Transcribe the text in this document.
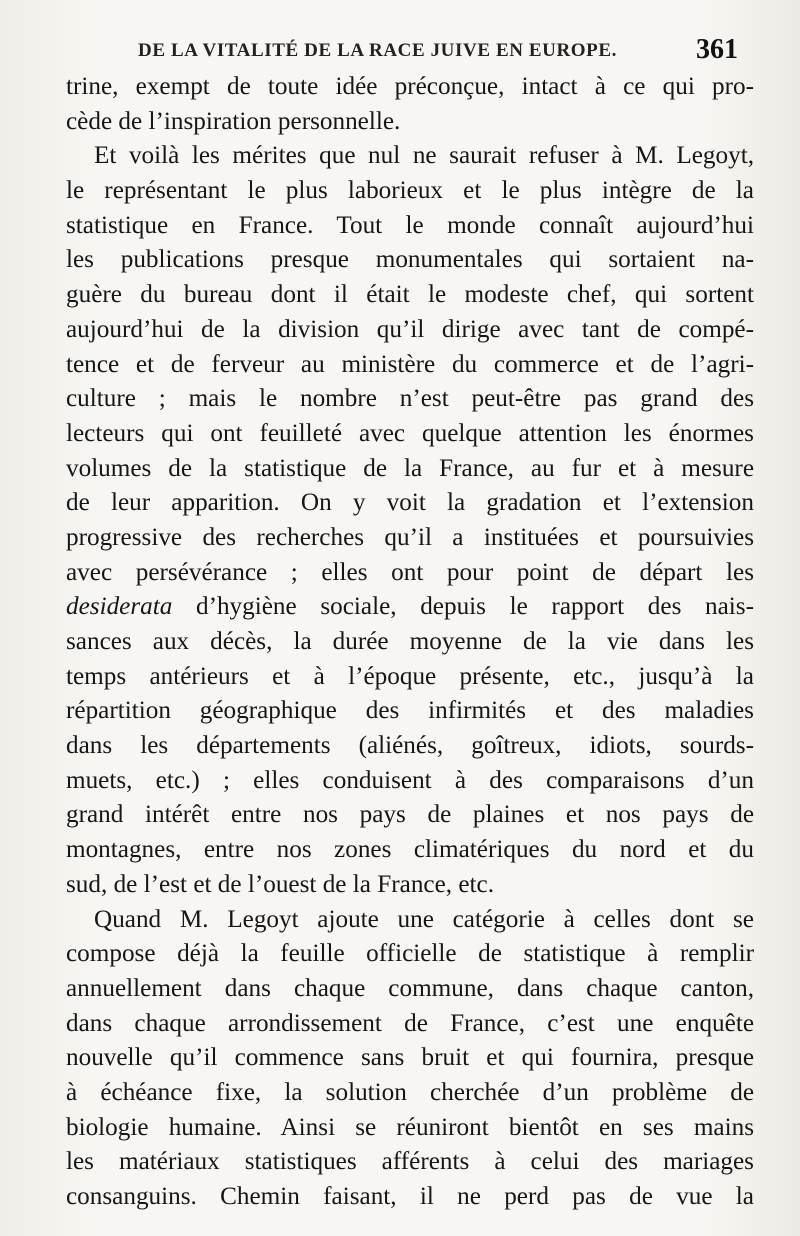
DE LA VITALITÉ DE LA RACE JUIVE EN EUROPE.	361
trine, exempt de toute idée préconçue, intact à ce qui pro-
cède de l’inspiration personnelle.
Et voilà les mérites que nul ne saurait refuser à M. Legoyt,
le représentant le plus laborieux et le plus intègre de la
statistique en France. Tout le monde connaît aujourd’hui
les publications presque monumentales qui sortaient na-
guère du bureau dont il était le modeste chef, qui sortent
aujourd’hui de la division qu’il dirige avec tant de compé-
tence et de ferveur au ministère du commerce et de l’agri-
culture ; mais le nombre n’est peut-être pas grand des
lecteurs qui ont feuilleté avec quelque attention les énormes
volumes de la statistique de la France, au fur et à mesure
de leur apparition. On y voit la gradation et l’extension
progressive des recherches qu’il a instituées et poursuivies
avec persévérance ; elles ont pour point de départ les
desiderata d’hygiène sociale, depuis le rapport des nais-
sances aux décès, la durée moyenne de la vie dans les
temps antérieurs et à l’époque présente, etc., jusqu’à la
répartition géographique des infirmités et des maladies
dans les départements (aliénés, goîtreux, idiots, sourds-
muets, etc.) ; elles conduisent à des comparaisons d’un
grand intérêt entre nos pays de plaines et nos pays de
montagnes, entre nos zones climatériques du nord et du
sud, de l’est et de l’ouest de la France, etc.
Quand M. Legoyt ajoute une catégorie à celles dont se
compose déjà la feuille officielle de statistique à remplir
annuellement dans chaque commune, dans chaque canton,
dans chaque arrondissement de France, c’est une enquête
nouvelle qu’il commence sans bruit et qui fournira, presque
à échéance fixe, la solution cherchée d’un problème de
biologie humaine. Ainsi se réuniront bientôt en ses mains
les matériaux statistiques afférents à celui des mariages
consanguins. Chemin faisant, il ne perd pas de vue la
